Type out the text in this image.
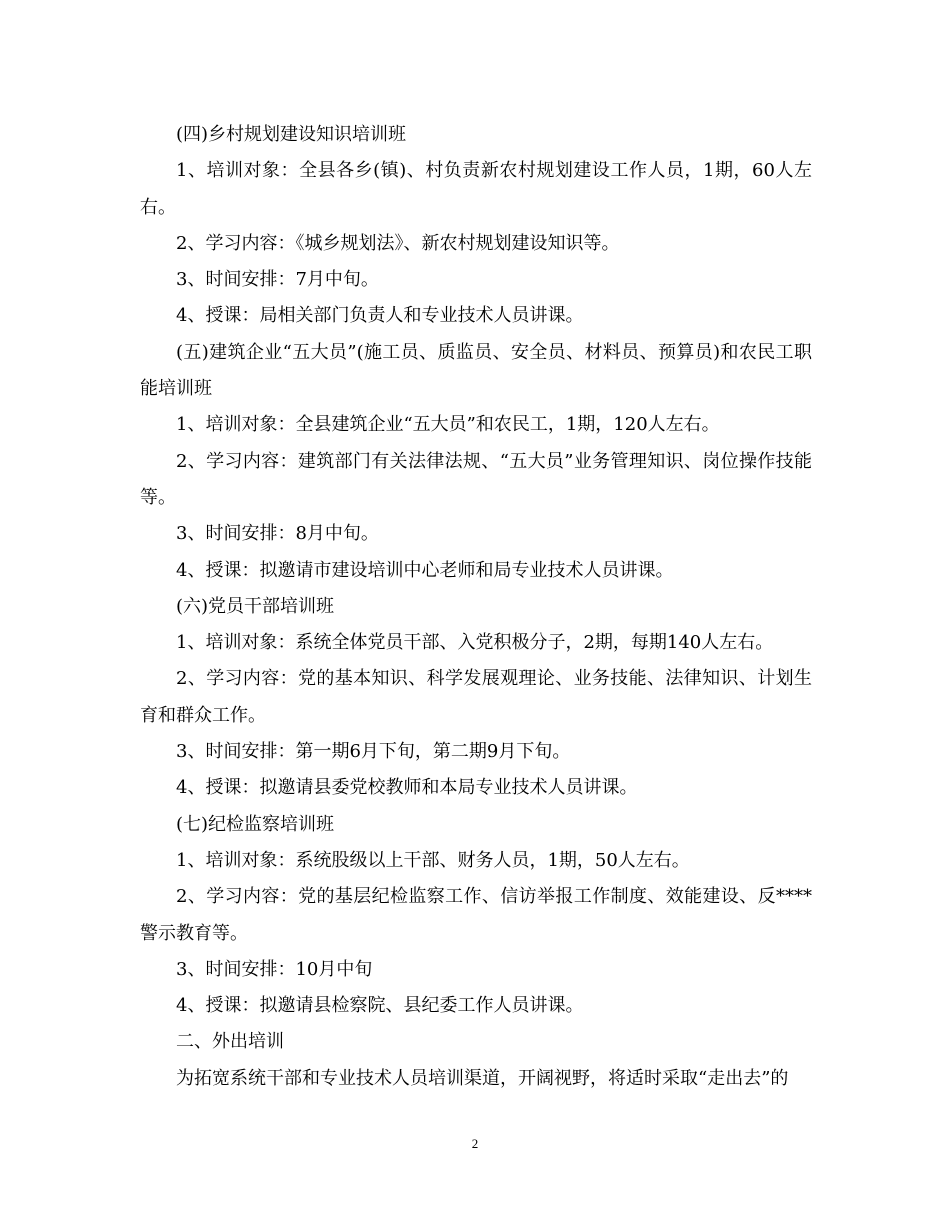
(四)乡村规划建设知识培训班

1、培训对象：全县各乡(镇)、村负责新农村规划建设工作人员，1期，60人左右。

2、学习内容：《城乡规划法》、新农村规划建设知识等。

3、时间安排：7月中旬。

4、授课：局相关部门负责人和专业技术人员讲课。

(五)建筑企业“五大员”(施工员、质监员、安全员、材料员、预算员)和农民工职能培训班

1、培训对象：全县建筑企业“五大员”和农民工，1期，120人左右。

2、学习内容：建筑部门有关法律法规、“五大员”业务管理知识、岗位操作技能等。

3、时间安排：8月中旬。

4、授课：拟邀请市建设培训中心老师和局专业技术人员讲课。

(六)党员干部培训班

1、培训对象：系统全体党员干部、入党积极分子，2期，每期140人左右。

2、学习内容：党的基本知识、科学发展观理论、业务技能、法律知识、计划生育和群众工作。

3、时间安排：第一期6月下旬，第二期9月下旬。

4、授课：拟邀请县委党校教师和本局专业技术人员讲课。

(七)纪检监察培训班

1、培训对象：系统股级以上干部、财务人员，1期，50人左右。

2、学习内容：党的基层纪检监察工作、信访举报工作制度、效能建设、反****警示教育等。

3、时间安排：10月中旬

4、授课：拟邀请县检察院、县纪委工作人员讲课。

二、外出培训

为拓宽系统干部和专业技术人员培训渠道，开阔视野，将适时采取“走出去”的

2
